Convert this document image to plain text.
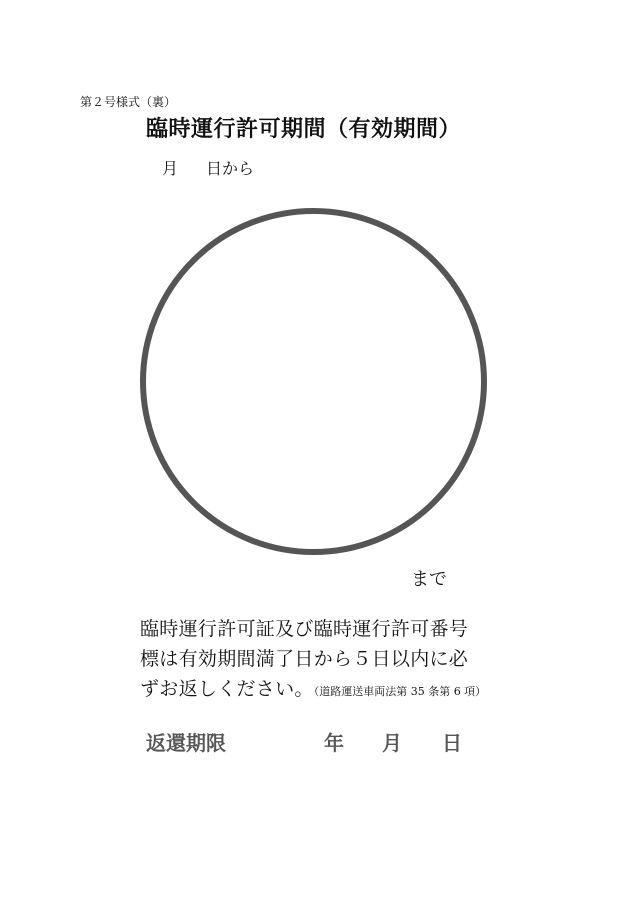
第２号様式（裏）
臨時運行許可期間（有効期間）
月 日から
まで
臨時運行許可証及び臨時運行許可番号
標は有効期間満了日から５日以内に必
ずお返しください。（道路運送車両法第 35 条第 6 項）
返還期限	年 月 日
